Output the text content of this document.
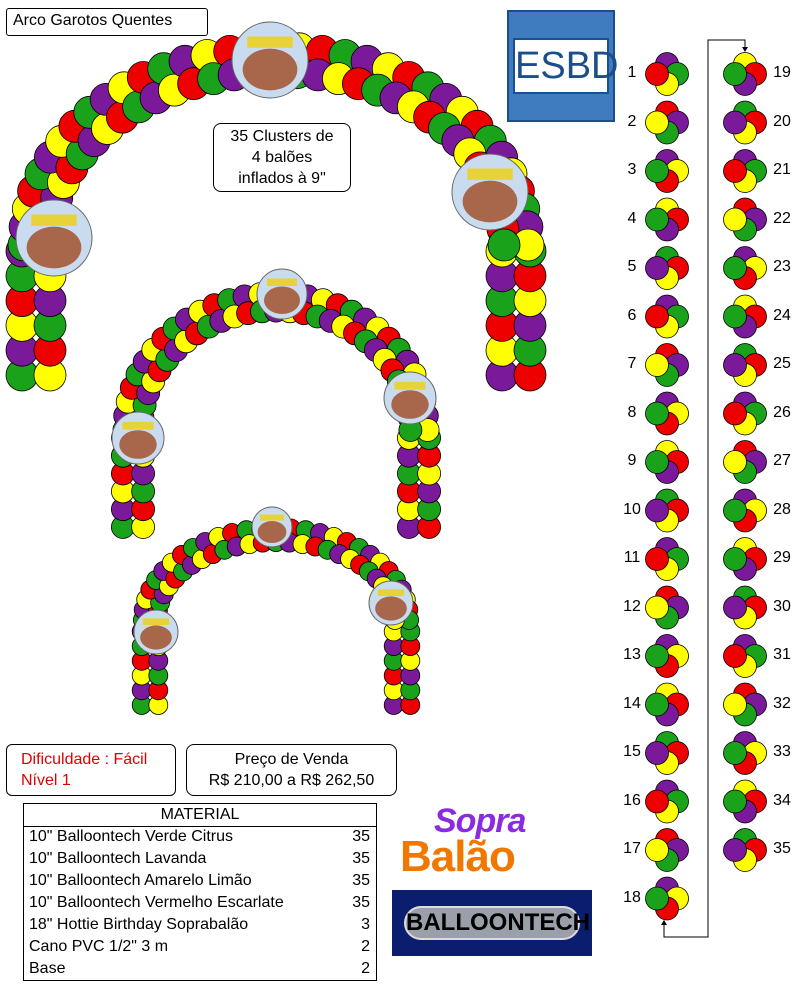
Arco Garotos Quentes
35 Clusters de
4 balões
inflados à 9"
ESBD
Dificuldade : Fácil
Nível 1
Preço de Venda
R$ 210,00 a R$ 262,50
MATERIAL
10" Balloontech Verde Citrus	35
10" Balloontech Lavanda	35
10" Balloontech Amarelo Limão	35
10" Balloontech Vermelho Escarlate	35
18" Hottie Birthday Soprabalão	3
Cano PVC 1/2" 3 m	2
Base	2
Sopra
Balão
BALLOONTECH
1
2
3
4
5
6
7
8
9
10
11
12
13
14
15
16
17
18
19
20
21
22
23
24
25
26
27
28
29
30
31
32
33
34
35
